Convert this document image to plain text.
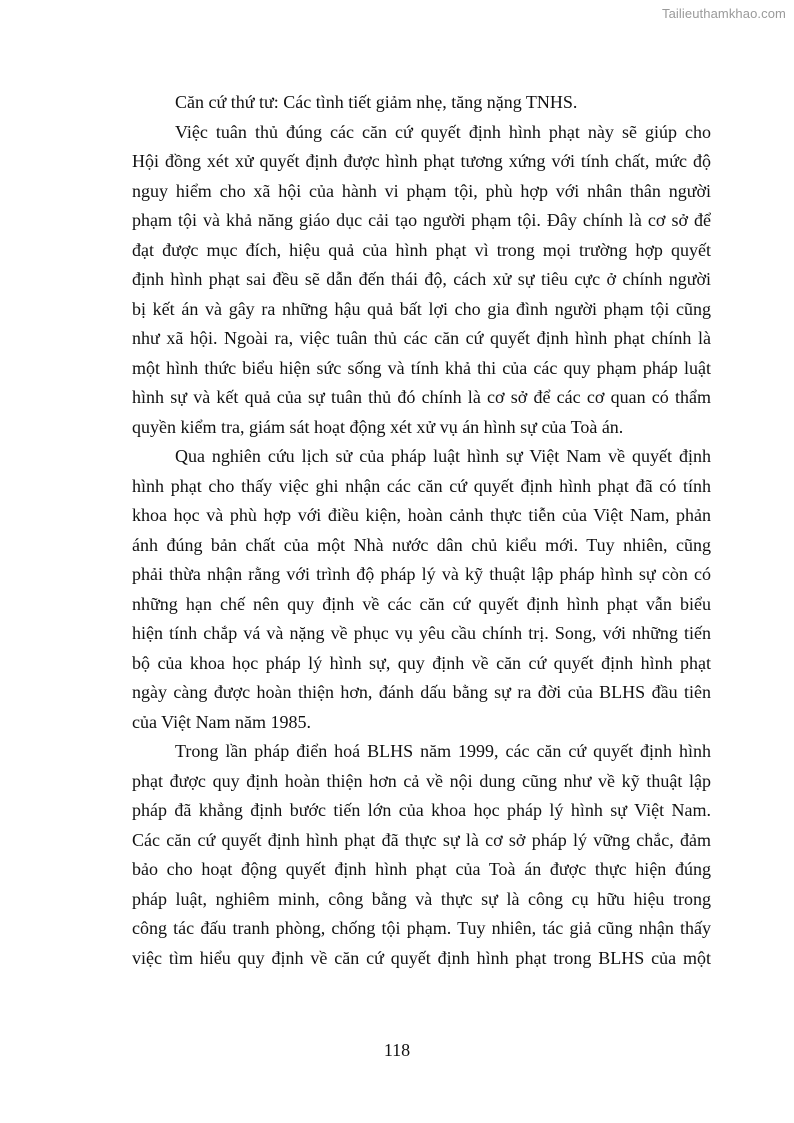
Tailieuthamkhao.com
Căn cứ thứ tư: Các tình tiết giảm nhẹ, tăng nặng TNHS.
Việc tuân thủ đúng các căn cứ quyết định hình phạt này sẽ giúp cho
Hội đồng xét xử quyết định được hình phạt tương xứng với tính chất, mức độ
nguy hiểm cho xã hội của hành vi phạm tội, phù hợp với nhân thân người
phạm tội và khả năng giáo dục cải tạo người phạm tội. Đây chính là cơ sở để
đạt được mục đích, hiệu quả của hình phạt vì trong mọi trường hợp quyết
định hình phạt sai đều sẽ dẫn đến thái độ, cách xử sự tiêu cực ở chính người
bị kết án và gây ra những hậu quả bất lợi cho gia đình người phạm tội cũng
như xã hội. Ngoài ra, việc tuân thủ các căn cứ quyết định hình phạt chính là
một hình thức biểu hiện sức sống và tính khả thi của các quy phạm pháp luật
hình sự và kết quả của sự tuân thủ đó chính là cơ sở để các cơ quan có thẩm
quyền kiểm tra, giám sát hoạt động xét xử vụ án hình sự của Toà án.
Qua nghiên cứu lịch sử của pháp luật hình sự Việt Nam về quyết định
hình phạt cho thấy việc ghi nhận các căn cứ quyết định hình phạt đã có tính
khoa học và phù hợp với điều kiện, hoàn cảnh thực tiễn của Việt Nam, phản
ánh đúng bản chất của một Nhà nước dân chủ kiểu mới. Tuy nhiên, cũng
phải thừa nhận rằng với trình độ pháp lý và kỹ thuật lập pháp hình sự còn có
những hạn chế nên quy định về các căn cứ quyết định hình phạt vẫn biểu
hiện tính chắp vá và nặng về phục vụ yêu cầu chính trị. Song, với những tiến
bộ của khoa học pháp lý hình sự, quy định về căn cứ quyết định hình phạt
ngày càng được hoàn thiện hơn, đánh dấu bằng sự ra đời của BLHS đầu tiên
của Việt Nam năm 1985.
Trong lần pháp điển hoá BLHS năm 1999, các căn cứ quyết định hình
phạt được quy định hoàn thiện hơn cả về nội dung cũng như về kỹ thuật lập
pháp đã khẳng định bước tiến lớn của khoa học pháp lý hình sự Việt Nam.
Các căn cứ quyết định hình phạt đã thực sự là cơ sở pháp lý vững chắc, đảm
bảo cho hoạt động quyết định hình phạt của Toà án được thực hiện đúng
pháp luật, nghiêm minh, công bằng và thực sự là công cụ hữu hiệu trong
công tác đấu tranh phòng, chống tội phạm. Tuy nhiên, tác giả cũng nhận thấy
việc tìm hiểu quy định về căn cứ quyết định hình phạt trong BLHS của một
118
